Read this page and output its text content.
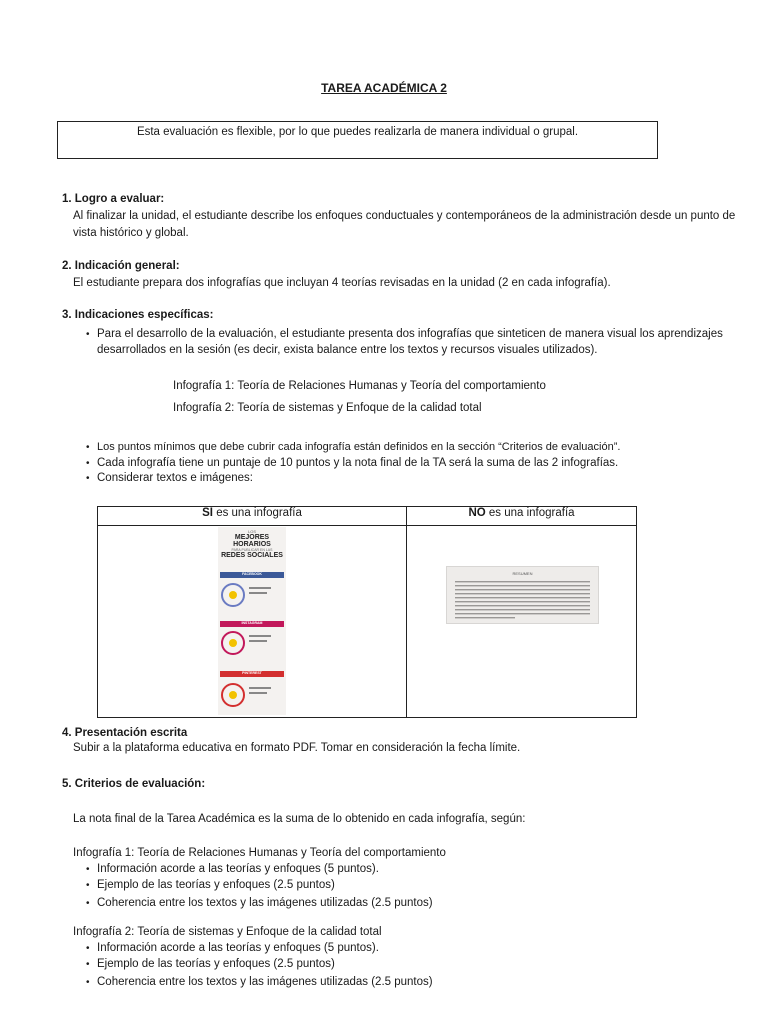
TAREA ACADÉMICA 2
Esta evaluación es flexible, por lo que puedes realizarla de manera individual o grupal.
1. Logro a evaluar:
Al finalizar la unidad, el estudiante describe los enfoques conductuales y contemporáneos de la administración desde un punto de
vista histórico y global.
2. Indicación general:
El estudiante prepara dos infografías que incluyan 4 teorías revisadas en la unidad (2 en cada infografía).
3. Indicaciones específicas:
• Para el desarrollo de la evaluación, el estudiante presenta dos infografías que sinteticen de manera visual los aprendizajes
desarrollados en la sesión (es decir, exista balance entre los textos y recursos visuales utilizados).
Infografía 1: Teoría de Relaciones Humanas y Teoría del comportamiento
Infografía 2: Teoría de sistemas y Enfoque de la calidad total
• Los puntos mínimos que debe cubrir cada infografía están definidos en la sección “Criterios de evaluación”.
• Cada infografía tiene un puntaje de 10 puntos y la nota final de la TA será la suma de las 2 infografías.
• Considerar textos e imágenes:
SI es una infografía	NO es una infografía

LOS
MEJORES HORARIOS
PARA PUBLICAR EN LAS
REDES SOCIALES
FACEBOOK
INSTAGRAM
PINTEREST
RESUMEN
4. Presentación escrita
Subir a la plataforma educativa en formato PDF. Tomar en consideración la fecha límite.
5. Criterios de evaluación:
La nota final de la Tarea Académica es la suma de lo obtenido en cada infografía, según:
Infografía 1: Teoría de Relaciones Humanas y Teoría del comportamiento
• Información acorde a las teorías y enfoques (5 puntos).
• Ejemplo de las teorías y enfoques (2.5 puntos)
• Coherencia entre los textos y las imágenes utilizadas (2.5 puntos)
Infografía 2: Teoría de sistemas y Enfoque de la calidad total
• Información acorde a las teorías y enfoques (5 puntos).
• Ejemplo de las teorías y enfoques (2.5 puntos)
• Coherencia entre los textos y las imágenes utilizadas (2.5 puntos)
